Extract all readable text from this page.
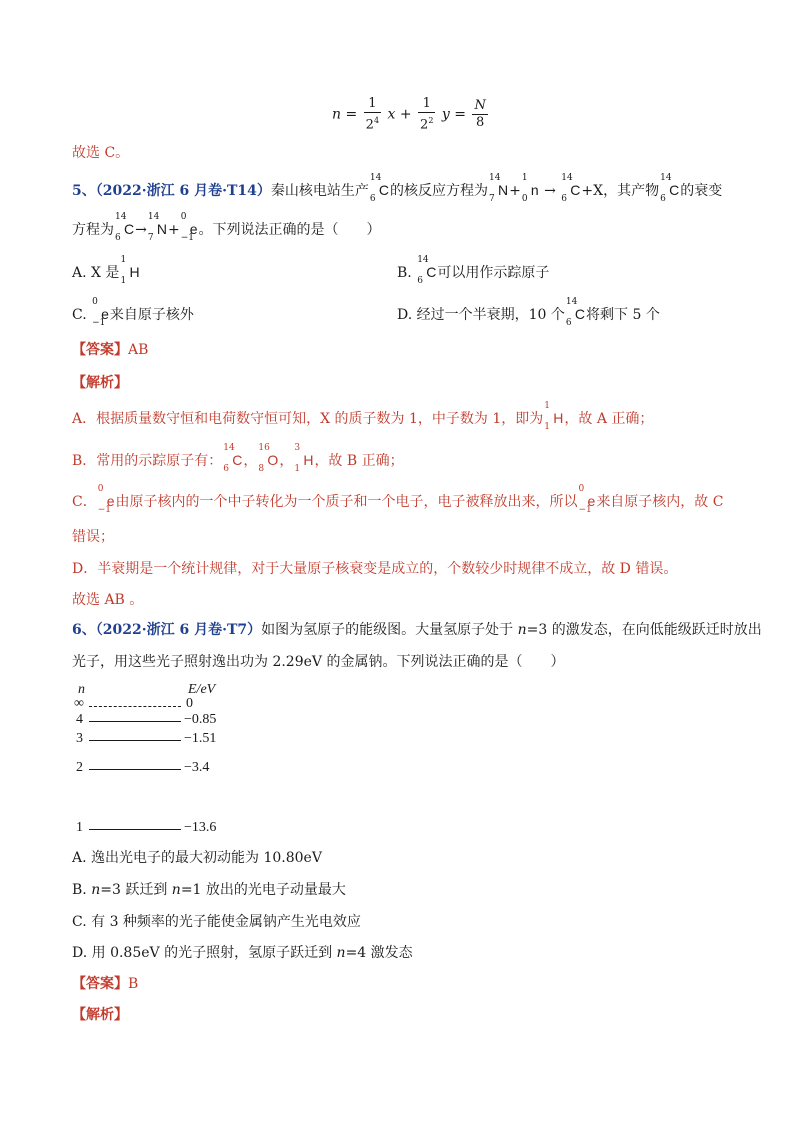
$n = \frac{1}{2^4}$ $x + \frac{1}{2^2}$ $y = \frac{N}{8}$
故选 C。
5、（2022·浙江 6 月卷·T14）秦山核电站生产
14
6
C的核反应方程为
14
7
N+
1
0
n →
14
6
C+X，其产物
14
6
C的衰变
方程为
14
6
C→
14
7
N+
0
−1
e。下列说法正确的是（　　）
A. X 是
1
1
H	B.
14
6
C可以用作示踪原子
C.
0
−1
e来自原子核外	D. 经过一个半衰期，10 个
14
6
C将剩下 5 个
【答案】AB
【解析】
A．根据质量数守恒和电荷数守恒可知，X 的质子数为 1，中子数为 1，即为
1
1
H，故 A 正确；
B．常用的示踪原子有：
14
6
C，
16
8
O，
3
1
H，故 B 正确；
C．
0
−1
e由原子核内的一个中子转化为一个质子和一个电子，电子被释放出来，所以
0
−1
e来自原子核内，故 C
错误；
D．半衰期是一个统计规律，对于大量原子核衰变是成立的，个数较少时规律不成立，故 D 错误。
故选 AB 。
6、（2022·浙江 6 月卷·T7）如图为氢原子的能级图。大量氢原子处于 n=3 的激发态，在向低能级跃迁时放出
光子，用这些光子照射逸出功为 2.29eV 的金属钠。下列说法正确的是（　　）
n	E/eV
∞	0
4	−0.85
3	−1.51
2	−3.4
1	−13.6
A. 逸出光电子的最大初动能为 10.80eV
B. n=3 跃迁到 n=1 放出的光电子动量最大
C. 有 3 种频率的光子能使金属钠产生光电效应
D. 用 0.85eV 的光子照射，氢原子跃迁到 n=4 激发态
【答案】B
【解析】
